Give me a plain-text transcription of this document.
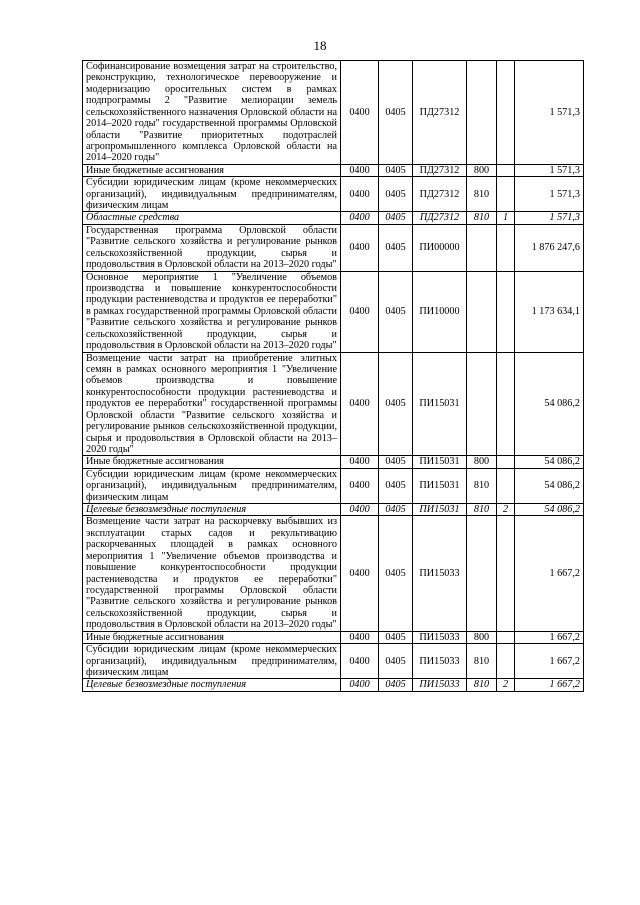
18
Софинансирование возмещения затрат на строительство, реконструкцию, технологическое перевооружение и модернизацию оросительных систем в рамках подпрограммы 2 "Развитие мелиорации земель сельскохозяйственного назначения Орловской области на 2014–2020 годы" государственной программы Орловской области "Развитие приоритетных подотраслей агропромышленного комплекса Орловской области на 2014–2020 годы"	0400	0405	ПД27312			1 571,3
Иные бюджетные ассигнования	0400	0405	ПД27312	800		1 571,3
Субсидии юридическим лицам (кроме некоммерческих организаций), индивидуальным предпринимателям, физическим лицам	0400	0405	ПД27312	810		1 571,3
Областные средства	0400	0405	ПД27312	810	1	1 571,3
Государственная программа Орловской области "Развитие сельского хозяйства и регулирование рынков сельскохозяйственной продукции, сырья и продовольствия в Орловской области на 2013–2020 годы"	0400	0405	ПИ00000			1 876 247,6
Основное мероприятие 1 "Увеличение объемов производства и повышение конкурентоспособности продукции растениеводства и продуктов ее переработки" в рамках государственной программы Орловской области "Развитие сельского хозяйства и регулирование рынков сельскохозяйственной продукции, сырья и продовольствия в Орловской области на 2013–2020 годы"	0400	0405	ПИ10000			1 173 634,1
Возмещение части затрат на приобретение элитных семян в рамках основного мероприятия 1 "Увеличение объемов производства и повышение конкурентоспособности продукции растениеводства и продуктов ее переработки" государственной программы Орловской области "Развитие сельского хозяйства и регулирование рынков сельскохозяйственной продукции, сырья и продовольствия в Орловской области на 2013–2020 годы"	0400	0405	ПИ15031			54 086,2
Иные бюджетные ассигнования	0400	0405	ПИ15031	800		54 086,2
Субсидии юридическим лицам (кроме некоммерческих организаций), индивидуальным предпринимателям, физическим лицам	0400	0405	ПИ15031	810		54 086,2
Целевые безвозмездные поступления	0400	0405	ПИ15031	810	2	54 086,2
Возмещение части затрат на раскорчевку выбывших из эксплуатации старых садов и рекультивацию раскорчеванных площадей в рамках основного мероприятия 1 "Увеличение объемов производства и повышение конкурентоспособности продукции растениеводства и продуктов ее переработки" государственной программы Орловской области "Развитие сельского хозяйства и регулирование рынков сельскохозяйственной продукции, сырья и продовольствия в Орловской области на 2013–2020 годы"	0400	0405	ПИ15033			1 667,2
Иные бюджетные ассигнования	0400	0405	ПИ15033	800		1 667,2
Субсидии юридическим лицам (кроме некоммерческих организаций), индивидуальным предпринимателям, физическим лицам	0400	0405	ПИ15033	810		1 667,2
Целевые безвозмездные поступления	0400	0405	ПИ15033	810	2	1 667,2
